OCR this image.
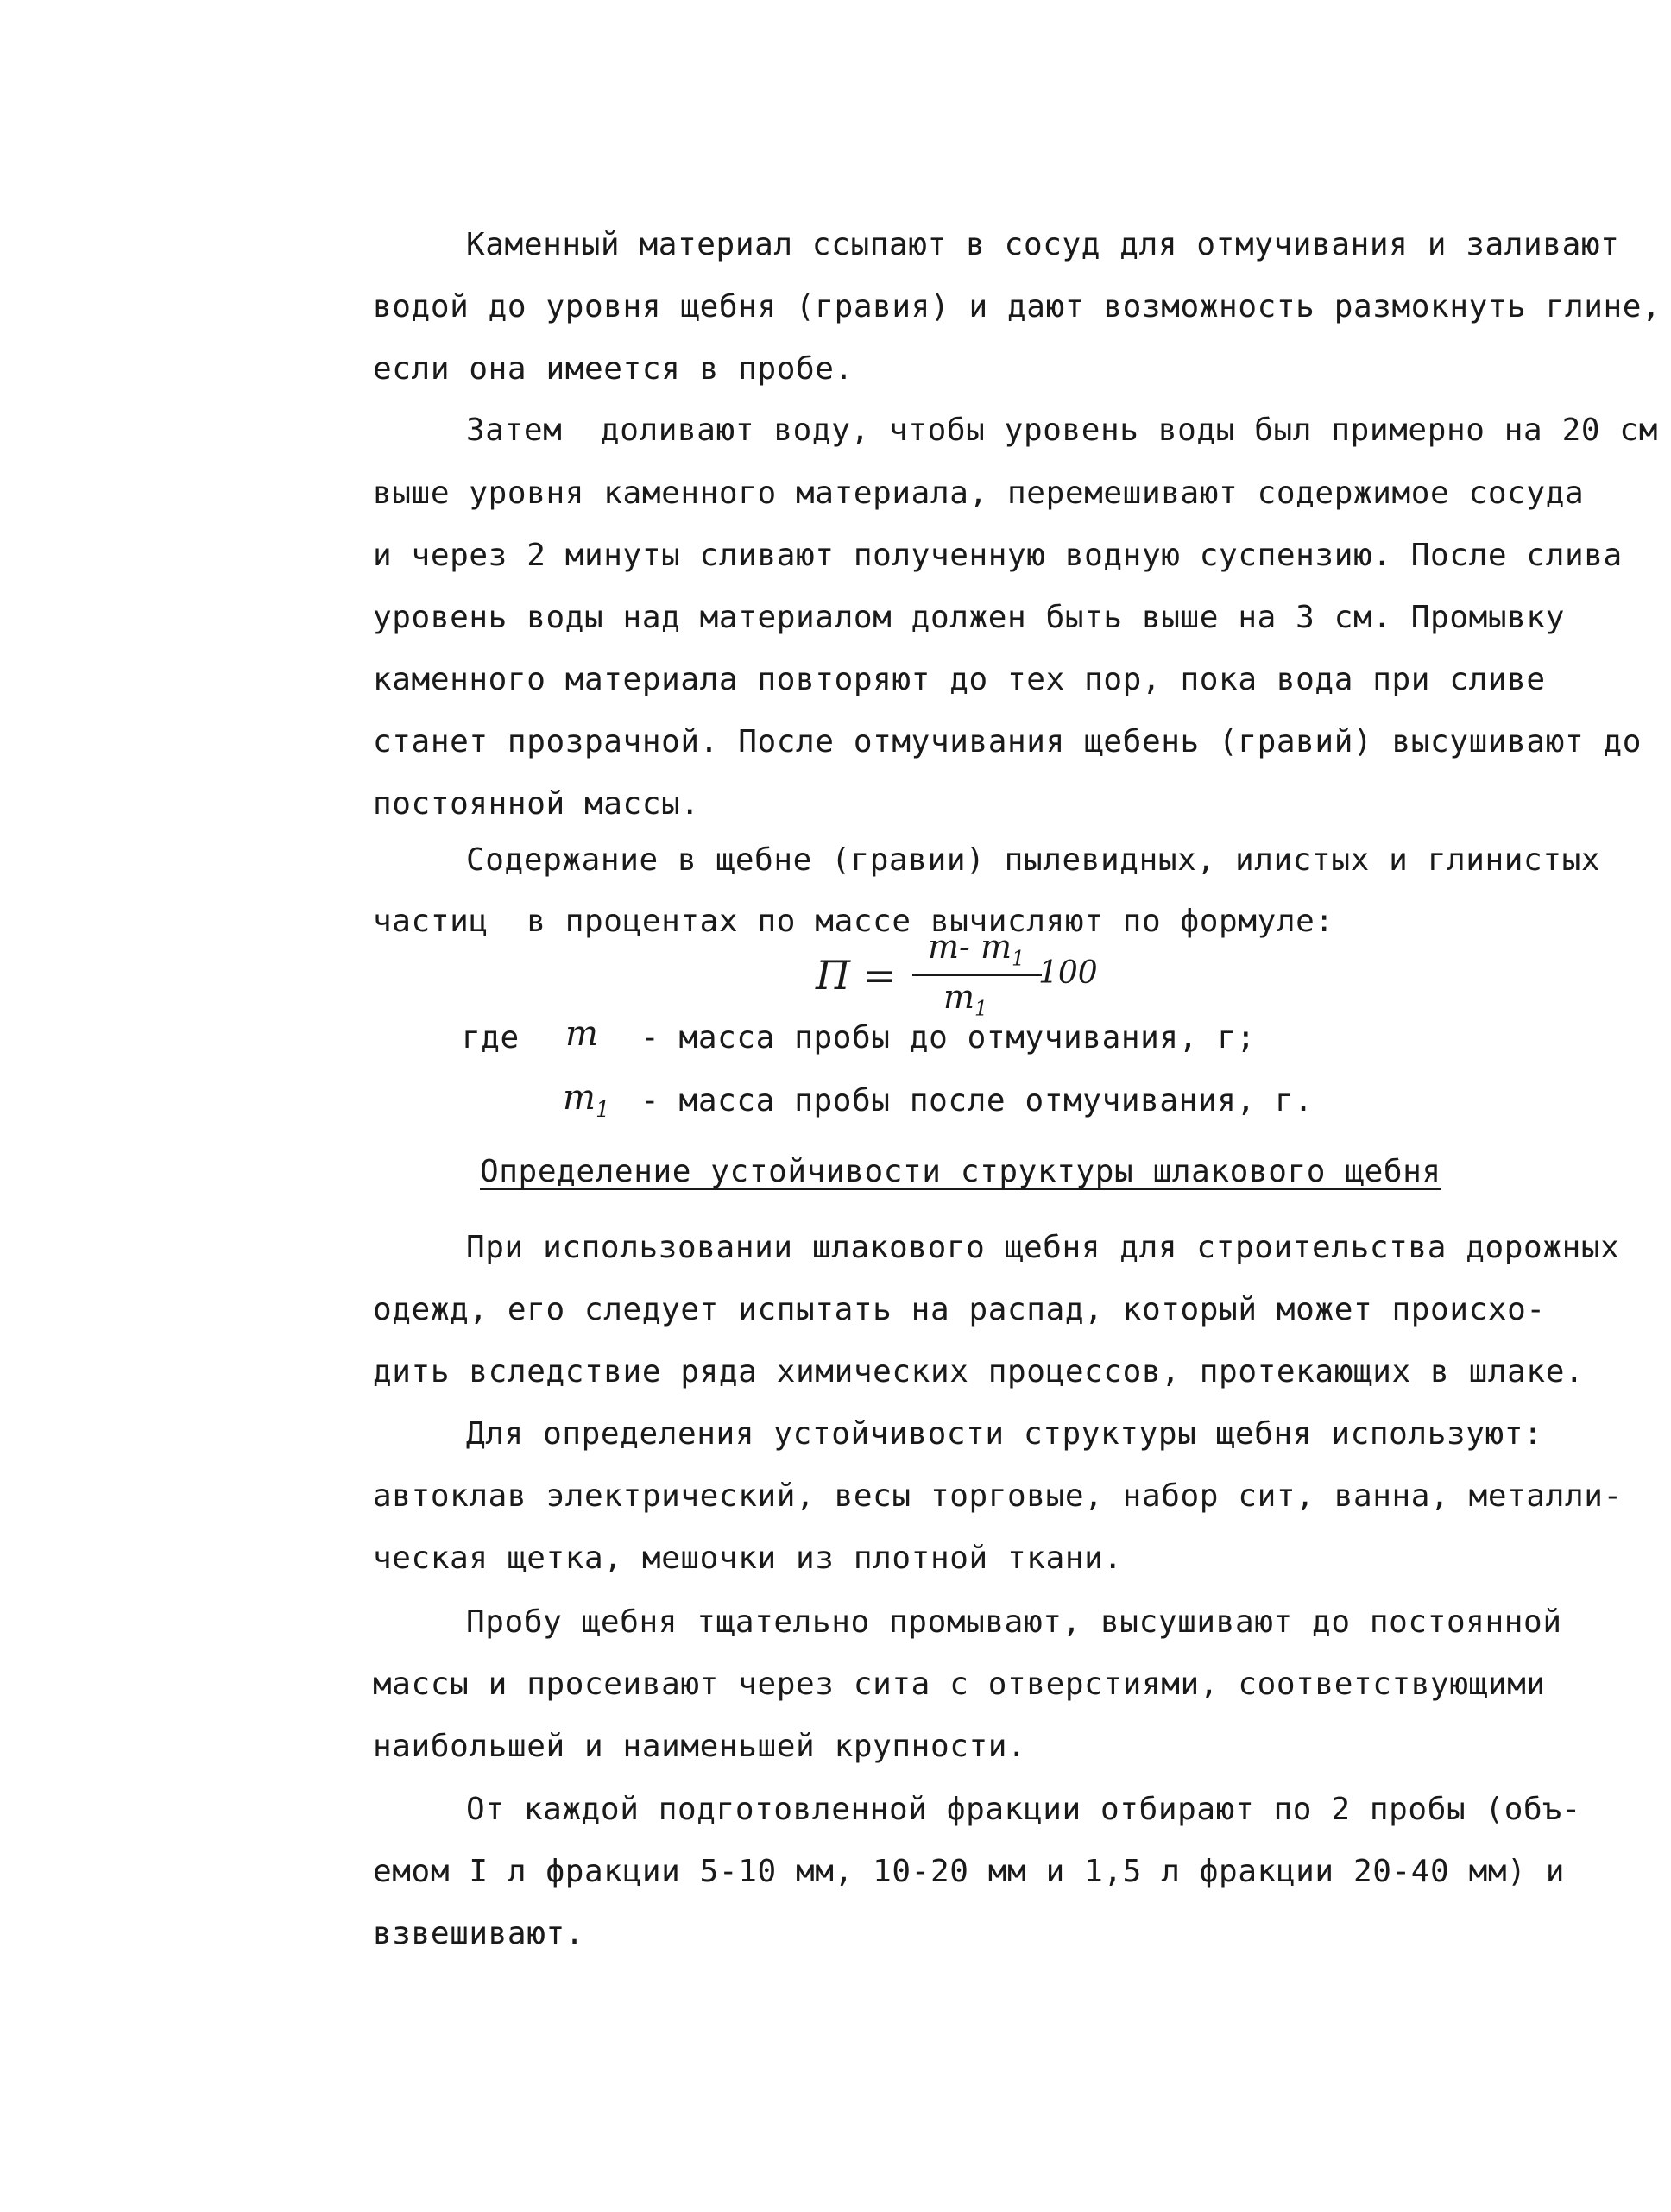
Каменный материал ссыпают в сосуд для отмучивания и заливают
водой до уровня щебня (гравия) и дают возможность размокнуть глине,
если она имеется в пробе.
Затем  доливают воду, чтобы уровень воды был примерно на 20 см
выше уровня каменного материала, перемешивают содержимое сосуда
и через 2 минуты сливают полученную водную суспензию. После слива
уровень воды над материалом должен быть выше на 3 см. Промывку
каменного материала повторяют до тех пор, пока вода при сливе
станет прозрачной. После отмучивания щебень (гравий) высушивают до
постоянной массы.
Содержание в щебне (гравии) пылевидных, илистых и глинистых
частиц  в процентах по массе вычисляют по формуле:
П =
m- $m_1$
$m_1$
100
где m - масса пробы до отмучивания, г;
$m_1$ - масса пробы после отмучивания, г.
Определение устойчивости структуры шлакового щебня
При использовании шлакового щебня для строительства дорожных
одежд, его следует испытать на распад, который может происхо-
дить вследствие ряда химических процессов, протекающих в шлаке.
Для определения устойчивости структуры щебня используют:
автоклав электрический, весы торговые, набор сит, ванна, металли-
ческая щетка, мешочки из плотной ткани.
Пробу щебня тщательно промывают, высушивают до постоянной
массы и просеивают через сита с отверстиями, соответствующими
наибольшей и наименьшей крупности.
От каждой подготовленной фракции отбирают по 2 пробы (объ-
емом I л фракции 5-10 мм, 10-20 мм и 1,5 л фракции 20-40 мм) и
взвешивают.
